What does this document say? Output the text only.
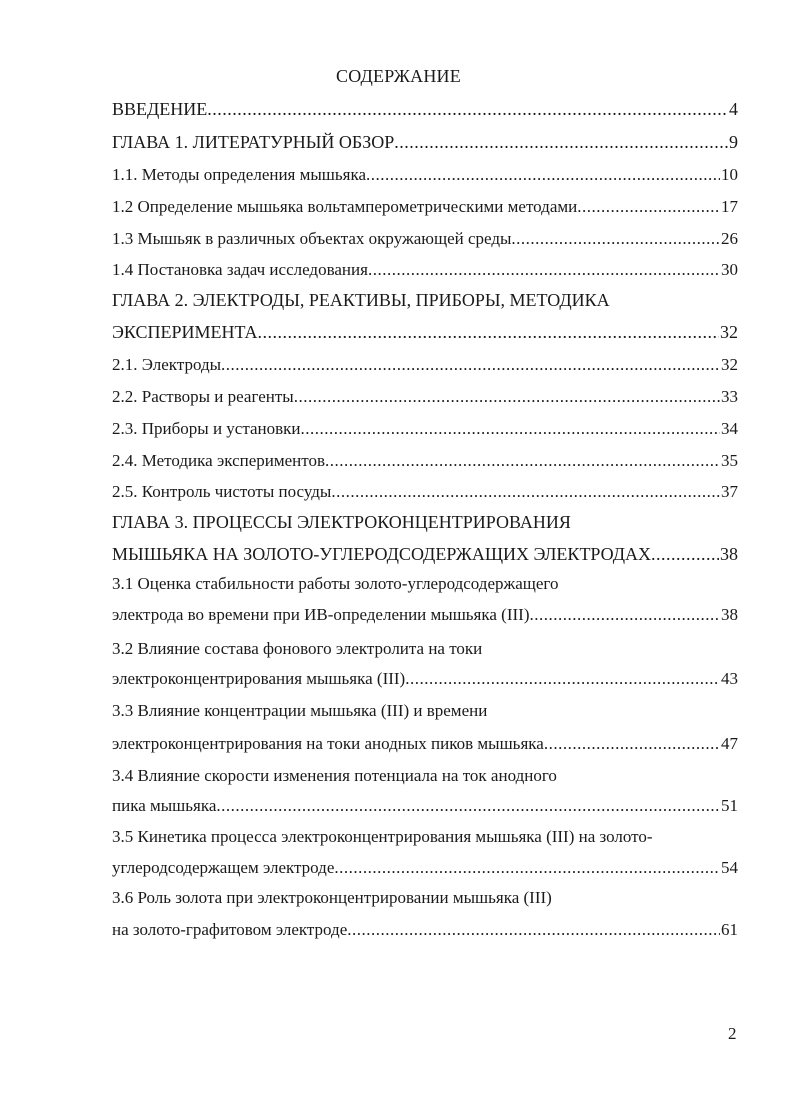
СОДЕРЖАНИЕ
ВВЕДЕНИЕ .....	4
ГЛАВА 1. ЛИТЕРАТУРНЫЙ ОБЗОР .....	9
1.1. Методы определения мышьяка .....	10
1.2 Определение мышьяка вольтамперометрическими методами .....	17
1.3 Мышьяк в различных объектах окружающей среды .....	26
1.4 Постановка задач исследования .....	30
ГЛАВА 2. ЭЛЕКТРОДЫ, РЕАКТИВЫ, ПРИБОРЫ, МЕТОДИКА
ЭКСПЕРИМЕНТА .....	32
2.1. Электроды .....	32
2.2. Растворы и реагенты .....	33
2.3. Приборы и установки .....	34
2.4. Методика экспериментов .....	35
2.5. Контроль чистоты посуды .....	37
ГЛАВА 3. ПРОЦЕССЫ ЭЛЕКТРОКОНЦЕНТРИРОВАНИЯ
МЫШЬЯКА НА ЗОЛОТО-УГЛЕРОДСОДЕРЖАЩИХ ЭЛЕКТРОДАХ .....	38
3.1 Оценка стабильности работы золото-углеродсодержащего
электрода во времени при ИВ-определении мышьяка (III) .....	38
3.2 Влияние состава фонового электролита на токи
электроконцентрирования мышьяка (III) .....	43
3.3 Влияние концентрации мышьяка (III) и времени
электроконцентрирования на токи анодных пиков мышьяка .....	47
3.4 Влияние скорости изменения потенциала на ток анодного
пика мышьяка .....	51
3.5 Кинетика процесса электроконцентрирования мышьяка (III) на золото-
углеродсодержащем электроде .....	54
3.6 Роль золота при электроконцентрировании мышьяка (III)
на золото-графитовом электроде .....	61
2
